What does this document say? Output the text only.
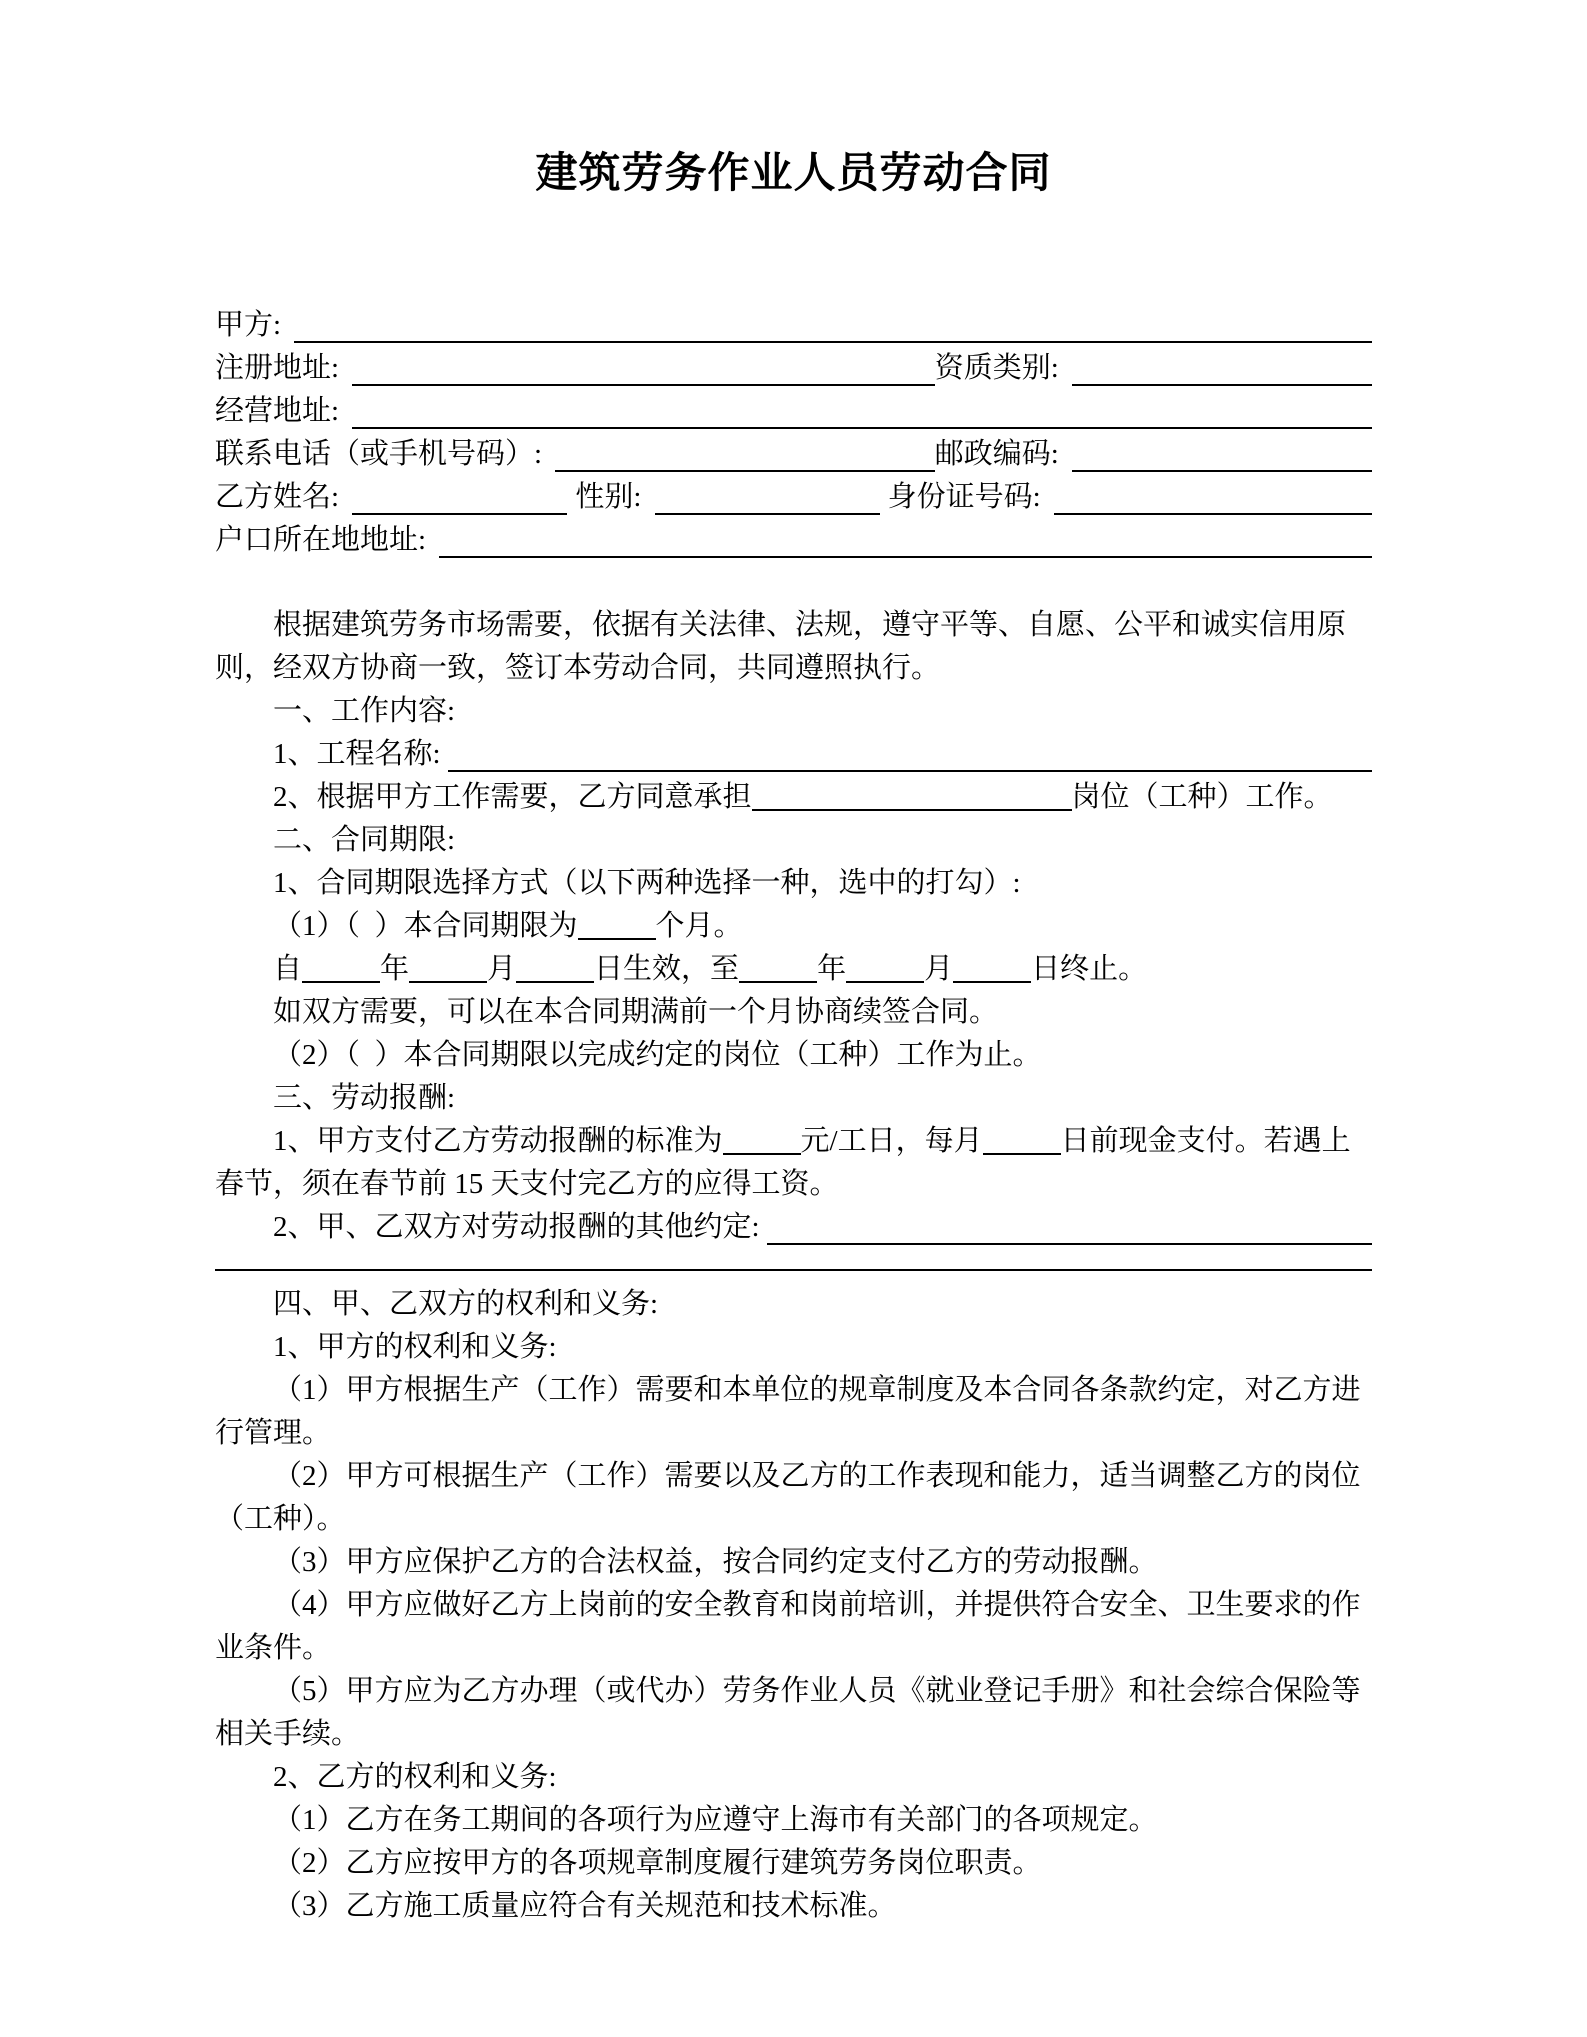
建筑劳务作业人员劳动合同
甲方:
注册地址:	资质类别:
经营地址:
联系电话（或手机号码）:	邮政编码:
乙方姓名:	性别:	身份证号码:
户口所在地地址:

根据建筑劳务市场需要，依据有关法律、法规，遵守平等、自愿、公平和诚实信用原则，经双方协商一致，签订本劳动合同，共同遵照执行。

一、工作内容:

1、工程名称:

2、根据甲方工作需要，乙方同意承担	岗位（工种）工作。

二、合同期限:

1、合同期限选择方式（以下两种选择一种，选中的打勾）:

（1）（  ）本合同期限为	个月。

自	年	月	日生效，至	年	月	日终止。

如双方需要，可以在本合同期满前一个月协商续签合同。

（2）（  ）本合同期限以完成约定的岗位（工种）工作为止。

三、劳动报酬:

1、甲方支付乙方劳动报酬的标准为	元/工日，每月	日前现金支付。若遇上春节，须在春节前 15 天支付完乙方的应得工资。

2、甲、乙双方对劳动报酬的其他约定:

四、甲、乙双方的权利和义务:

1、甲方的权利和义务:

（1）甲方根据生产（工作）需要和本单位的规章制度及本合同各条款约定，对乙方进行管理。

（2）甲方可根据生产（工作）需要以及乙方的工作表现和能力，适当调整乙方的岗位（工种）。

（3）甲方应保护乙方的合法权益，按合同约定支付乙方的劳动报酬。

（4）甲方应做好乙方上岗前的安全教育和岗前培训，并提供符合安全、卫生要求的作业条件。

（5）甲方应为乙方办理（或代办）劳务作业人员《就业登记手册》和社会综合保险等相关手续。

2、乙方的权利和义务:

（1）乙方在务工期间的各项行为应遵守上海市有关部门的各项规定。

（2）乙方应按甲方的各项规章制度履行建筑劳务岗位职责。

（3）乙方施工质量应符合有关规范和技术标准。
